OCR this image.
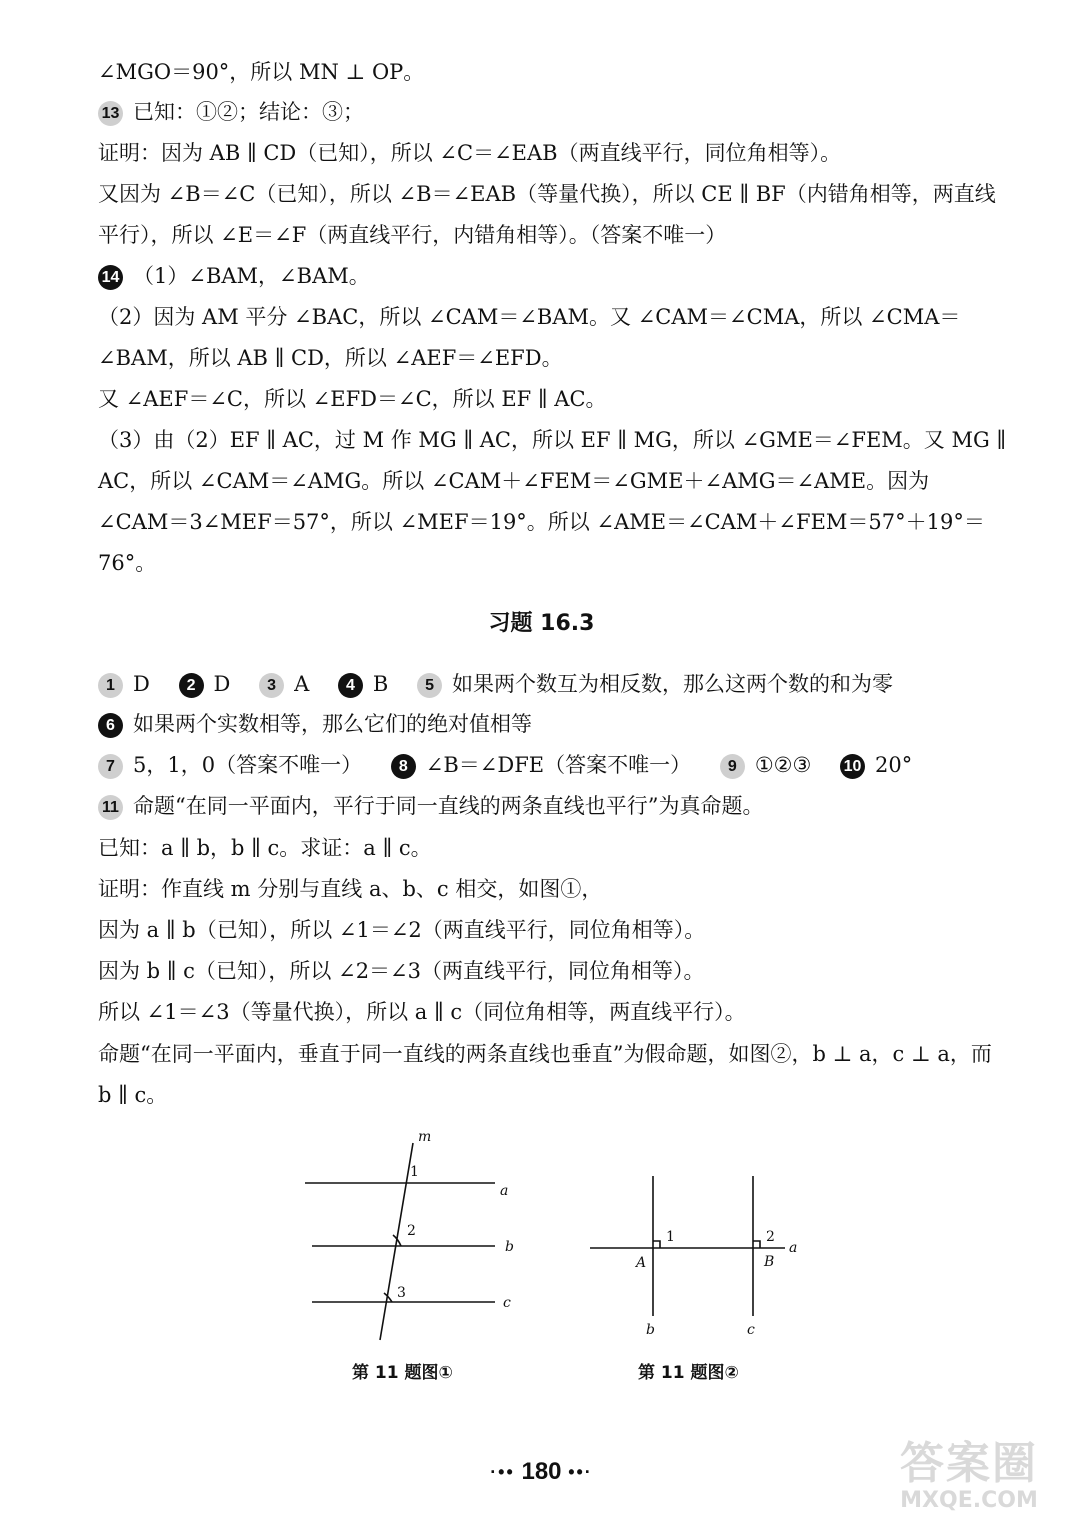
∠MGO＝90°，所以 MN ⊥ OP。
13 已知：①②；结论：③；
证明：因为 AB ∥ CD（已知），所以 ∠C＝∠EAB（两直线平行，同位角相等）。
又因为 ∠B＝∠C（已知），所以 ∠B＝∠EAB（等量代换），所以 CE ∥ BF（内错角相等，两直线
平行），所以 ∠E＝∠F（两直线平行，内错角相等）。（答案不唯一）
14 （1）∠BAM，∠BAM。
（2）因为 AM 平分 ∠BAC，所以 ∠CAM＝∠BAM。又 ∠CAM＝∠CMA，所以 ∠CMA＝
∠BAM，所以 AB ∥ CD，所以 ∠AEF＝∠EFD。
又 ∠AEF＝∠C，所以 ∠EFD＝∠C，所以 EF ∥ AC。
（3）由（2）EF ∥ AC，过 M 作 MG ∥ AC，所以 EF ∥ MG，所以 ∠GME＝∠FEM。又 MG ∥
AC，所以 ∠CAM＝∠AMG。所以 ∠CAM＋∠FEM＝∠GME＋∠AMG＝∠AME。因为
∠CAM＝3∠MEF＝57°，所以 ∠MEF＝19°。所以 ∠AME＝∠CAM＋∠FEM＝57°＋19°＝
76°。
习题 16.3
1 D 2 D 3 A 4 B 5 如果两个数互为相反数，那么这两个数的和为零
6 如果两个实数相等，那么它们的绝对值相等
7 5，1，0（答案不唯一） 8 ∠B＝∠DFE（答案不唯一） 9 ①②③ 10 20°
11 命题“在同一平面内，平行于同一直线的两条直线也平行”为真命题。
已知：a ∥ b，b ∥ c。求证：a ∥ c。
证明：作直线 m 分别与直线 a、b、c 相交，如图①，
因为 a ∥ b（已知），所以 ∠1＝∠2（两直线平行，同位角相等）。
因为 b ∥ c（已知），所以 ∠2＝∠3（两直线平行，同位角相等）。
所以 ∠1＝∠3（等量代换），所以 a ∥ c（同位角相等，两直线平行）。
命题“在同一平面内，垂直于同一直线的两条直线也垂直”为假命题，如图②，b ⊥ a，c ⊥ a，而
b ∥ c。
m
1
a
2
b
3
c
第 11 题图①
1	2
a
A	B
b	c
第 11 题图②
·•• 180 ••·	答案圈
MXQE.COM
